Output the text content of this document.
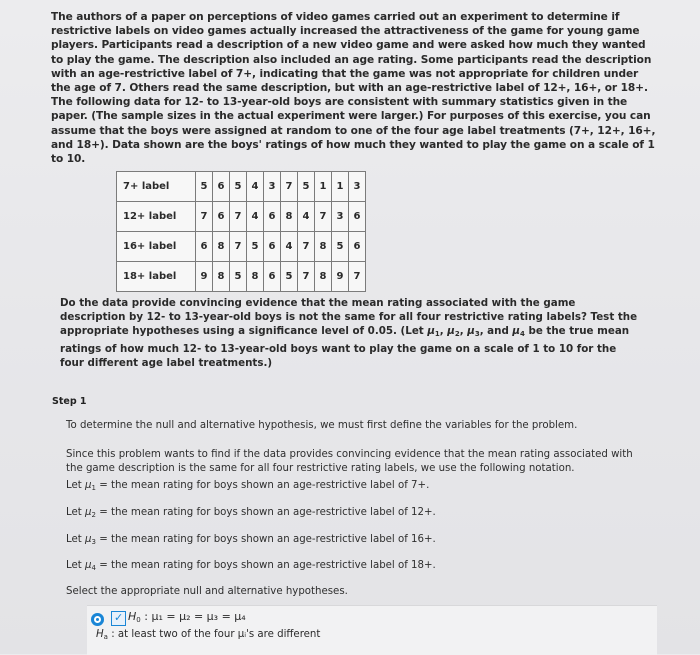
The authors of a paper on perceptions of video games carried out an experiment to determine if restrictive labels on video games actually increased the attractiveness of the game for young game players. Participants read a description of a new video game and were asked how much they wanted to play the game. The description also included an age rating. Some participants read the description with an age-restrictive label of 7+, indicating that the game was not appropriate for children under the age of 7. Others read the same description, but with an age-restrictive label of 12+, 16+, or 18+. The following data for 12- to 13-year-old boys are consistent with summary statistics given in the paper. (The sample sizes in the actual experiment were larger.) For purposes of this exercise, you can assume that the boys were assigned at random to one of the four age label treatments (7+, 12+, 16+, and 18+). Data shown are the boys' ratings of how much they wanted to play the game on a scale of 1 to 10.
7+ label	5	6	5	4	3	7	5	1	1	3
12+ label	7	6	7	4	6	8	4	7	3	6
16+ label	6	8	7	5	6	4	7	8	5	6
18+ label	9	8	5	8	6	5	7	8	9	7
Do the data provide convincing evidence that the mean rating associated with the game description by 12- to 13-year-old boys is not the same for all four restrictive rating labels? Test the appropriate hypotheses using a significance level of 0.05. (Let $\mu_1$, $\mu_2$, $\mu_3$, and $\mu_4$ be the true mean ratings of how much 12- to 13-year-old boys want to play the game on a scale of 1 to 10 for the four different age label treatments.)
Step 1
To determine the null and alternative hypothesis, we must first define the variables for the problem.
Since this problem wants to find if the data provides convincing evidence that the mean rating associated with the game description is the same for all four restrictive rating labels, we use the following notation.
Let $\mu_1$ = the mean rating for boys shown an age-restrictive label of 7+.
Let $\mu_2$ = the mean rating for boys shown an age-restrictive label of 12+.
Let $\mu_3$ = the mean rating for boys shown an age-restrictive label of 16+.
Let $\mu_4$ = the mean rating for boys shown an age-restrictive label of 18+.
Select the appropriate null and alternative hypotheses.
✓ $H_0$ : μ₁ = μ₂ = μ₃ = μ₄
$H_a$ : at least two of the four μᵢ's are different
